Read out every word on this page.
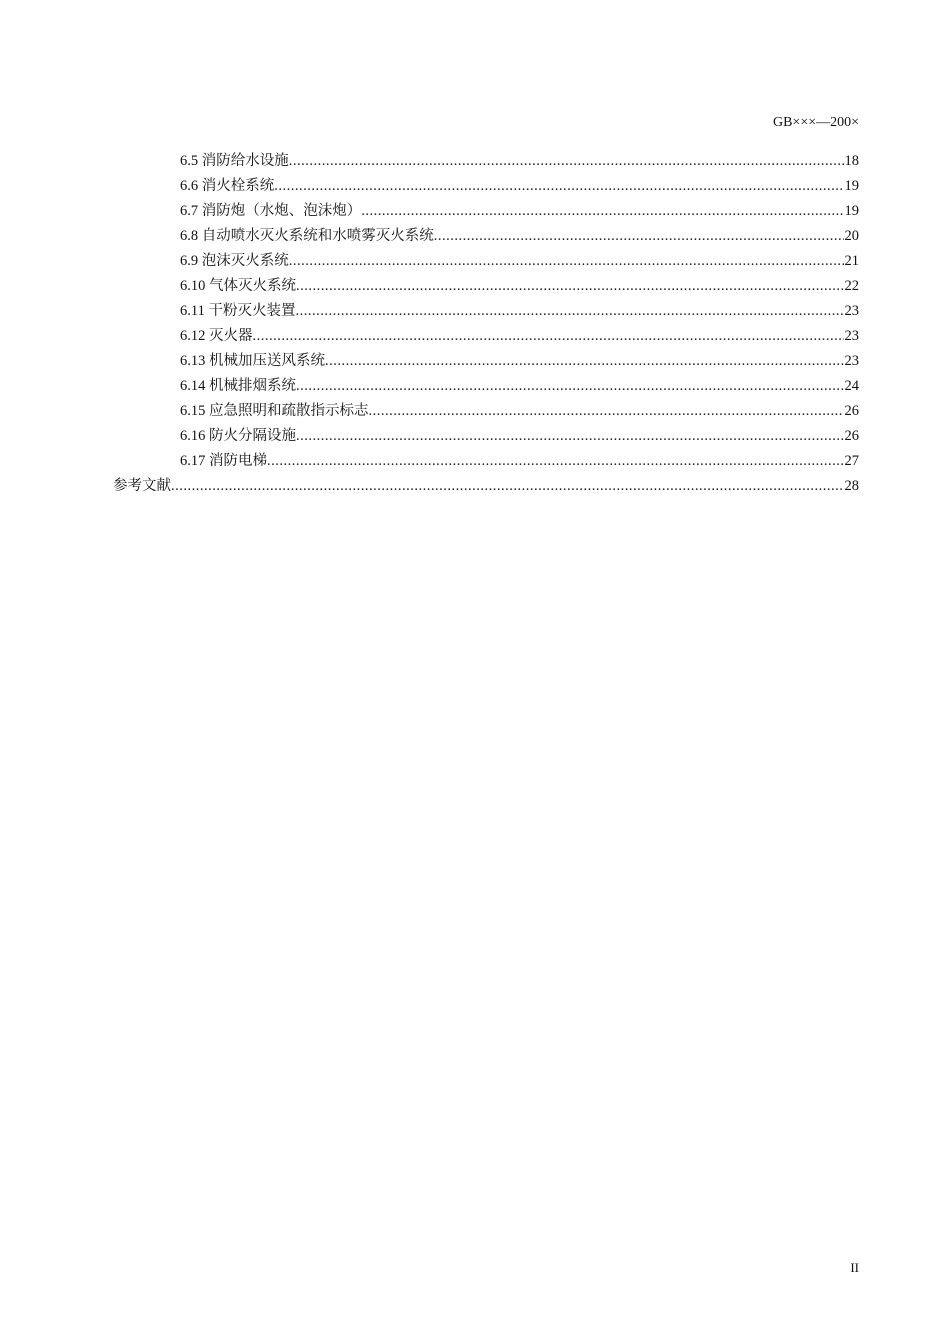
GB×××—200×
6.5 消防给水设施 .....	18
6.6 消火栓系统 .....	19
6.7 消防炮（水炮、泡沫炮） .....	19
6.8 自动喷水灭火系统和水喷雾灭火系统 .....	20
6.9 泡沫灭火系统 .....	21
6.10 气体灭火系统 .....	22
6.11 干粉灭火装置 .....	23
6.12 灭火器 .....	23
6.13 机械加压送风系统 .....	23
6.14 机械排烟系统 .....	24
6.15 应急照明和疏散指示标志 .....	26
6.16 防火分隔设施 .....	26
6.17 消防电梯 .....	27
参考文献 .....	28
II
